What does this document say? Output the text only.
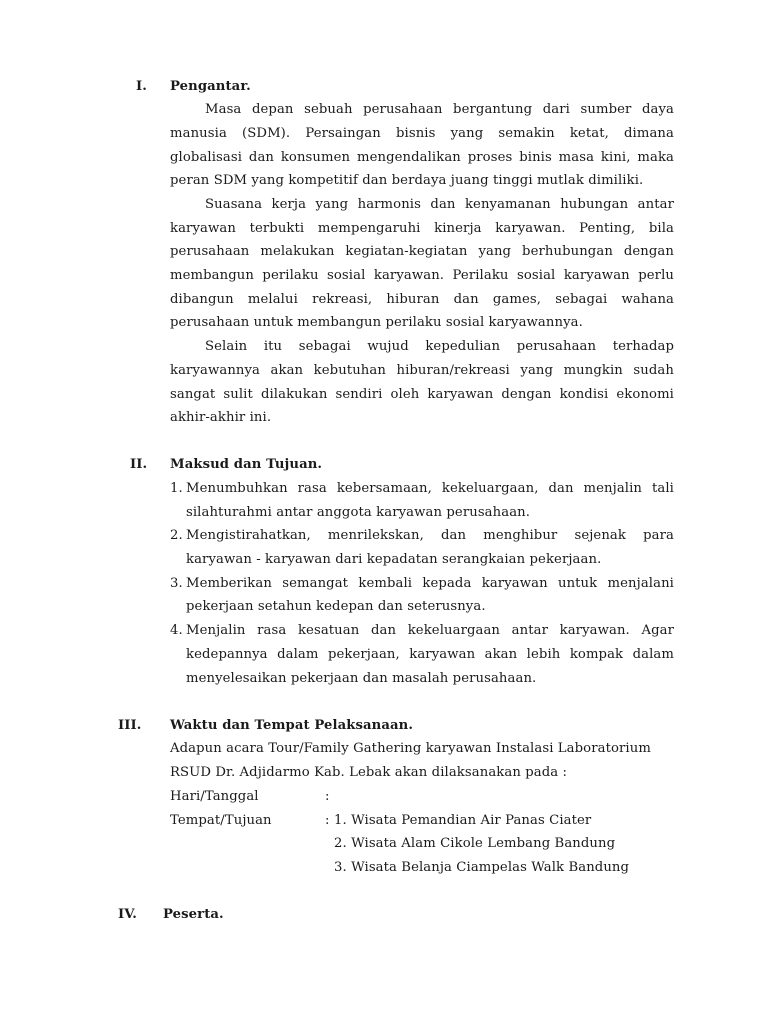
I. Pengantar.
Masa depan sebuah perusahaan bergantung dari sumber daya
manusia (SDM). Persaingan bisnis yang semakin ketat, dimana
globalisasi dan konsumen mengendalikan proses binis masa kini, maka
peran SDM yang kompetitif dan berdaya juang tinggi mutlak dimiliki.
Suasana kerja yang harmonis dan kenyamanan hubungan antar
karyawan terbukti mempengaruhi kinerja karyawan. Penting, bila
perusahaan melakukan kegiatan-kegiatan yang berhubungan dengan
membangun perilaku sosial karyawan. Perilaku sosial karyawan perlu
dibangun melalui rekreasi, hiburan dan games, sebagai wahana
perusahaan untuk membangun perilaku sosial karyawannya.
Selain itu sebagai wujud kepedulian perusahaan terhadap
karyawannya akan kebutuhan hiburan/rekreasi yang mungkin sudah
sangat sulit dilakukan sendiri oleh karyawan dengan kondisi ekonomi
akhir-akhir ini.
II. Maksud dan Tujuan.
1. Menumbuhkan rasa kebersamaan, kekeluargaan, dan menjalin tali
silahturahmi antar anggota karyawan perusahaan.
2. Mengistirahatkan, menrilekskan, dan menghibur sejenak para
karyawan - karyawan dari kepadatan serangkaian pekerjaan.
3. Memberikan semangat kembali kepada karyawan untuk menjalani
pekerjaan setahun kedepan dan seterusnya.
4. Menjalin rasa kesatuan dan kekeluargaan antar karyawan. Agar
kedepannya dalam pekerjaan, karyawan akan lebih kompak dalam
menyelesaikan pekerjaan dan masalah perusahaan.
III. Waktu dan Tempat Pelaksanaan.
Adapun acara Tour/Family Gathering karyawan Instalasi Laboratorium
RSUD Dr. Adjidarmo Kab. Lebak akan dilaksanakan pada :
Hari/Tanggal	:
Tempat/Tujuan	: 1. Wisata Pemandian Air Panas Ciater
2. Wisata Alam Cikole Lembang Bandung
3. Wisata Belanja Ciampelas Walk Bandung
IV. Peserta.
